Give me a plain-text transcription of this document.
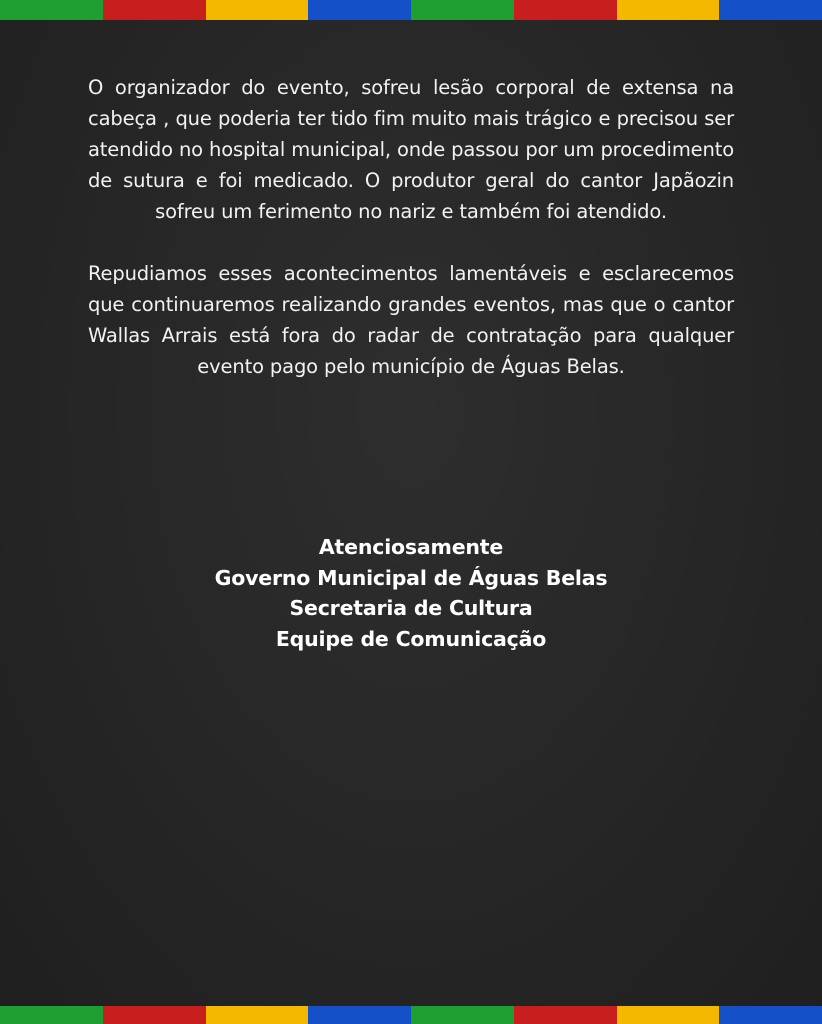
O organizador do evento, sofreu lesão corporal de extensa na cabeça , que poderia ter tido fim muito mais trágico e precisou ser atendido no hospital municipal, onde passou por um procedimento de sutura e foi medicado. O produtor geral do cantor Japãozin sofreu um ferimento no nariz e também foi atendido.

Repudiamos esses acontecimentos lamentáveis e esclarecemos que continuaremos realizando grandes eventos, mas que o cantor Wallas Arrais está fora do radar de contratação para qualquer evento pago pelo município de Águas Belas.

Atenciosamente
Governo Municipal de Águas Belas
Secretaria de Cultura
Equipe de Comunicação
